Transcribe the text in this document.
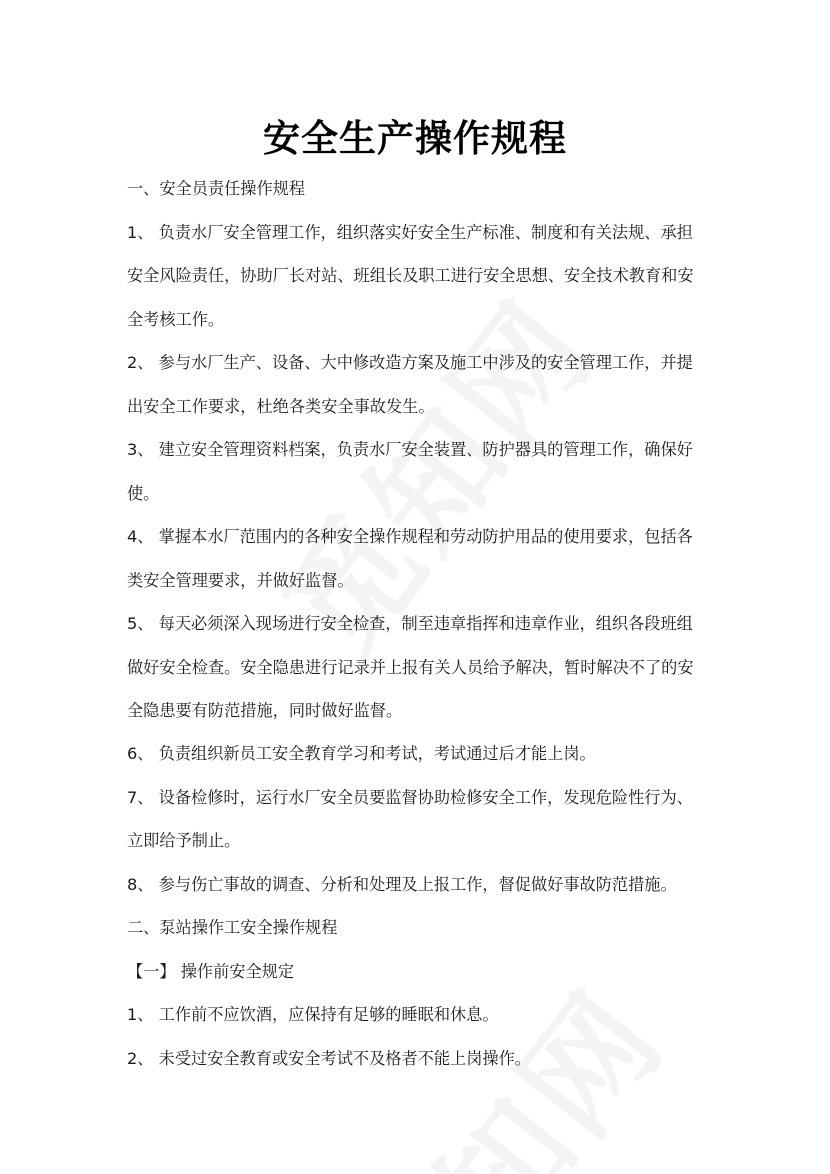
安全生产操作规程

一、安全员责任操作规程

1、 负责水厂安全管理工作，组织落实好安全生产标准、制度和有关法规、承担

安全风险责任，协助厂长对站、班组长及职工进行安全思想、安全技术教育和安

全考核工作。

2、 参与水厂生产、设备、大中修改造方案及施工中涉及的安全管理工作，并提

出安全工作要求，杜绝各类安全事故发生。

3、 建立安全管理资料档案，负责水厂安全装置、防护器具的管理工作，确保好

使。

4、 掌握本水厂范围内的各种安全操作规程和劳动防护用品的使用要求，包括各

类安全管理要求，并做好监督。

5、 每天必须深入现场进行安全检查，制至违章指挥和违章作业，组织各段班组

做好安全检查。安全隐患进行记录并上报有关人员给予解决，暂时解决不了的安

全隐患要有防范措施，同时做好监督。

6、 负责组织新员工安全教育学习和考试，考试通过后才能上岗。

7、 设备检修时，运行水厂安全员要监督协助检修安全工作，发现危险性行为、

立即给予制止。

8、 参与伤亡事故的调查、分析和处理及上报工作，督促做好事故防范措施。

二、泵站操作工安全操作规程

【一】 操作前安全规定

1、 工作前不应饮酒，应保持有足够的睡眠和休息。

2、 未受过安全教育或安全考试不及格者不能上岗操作。
